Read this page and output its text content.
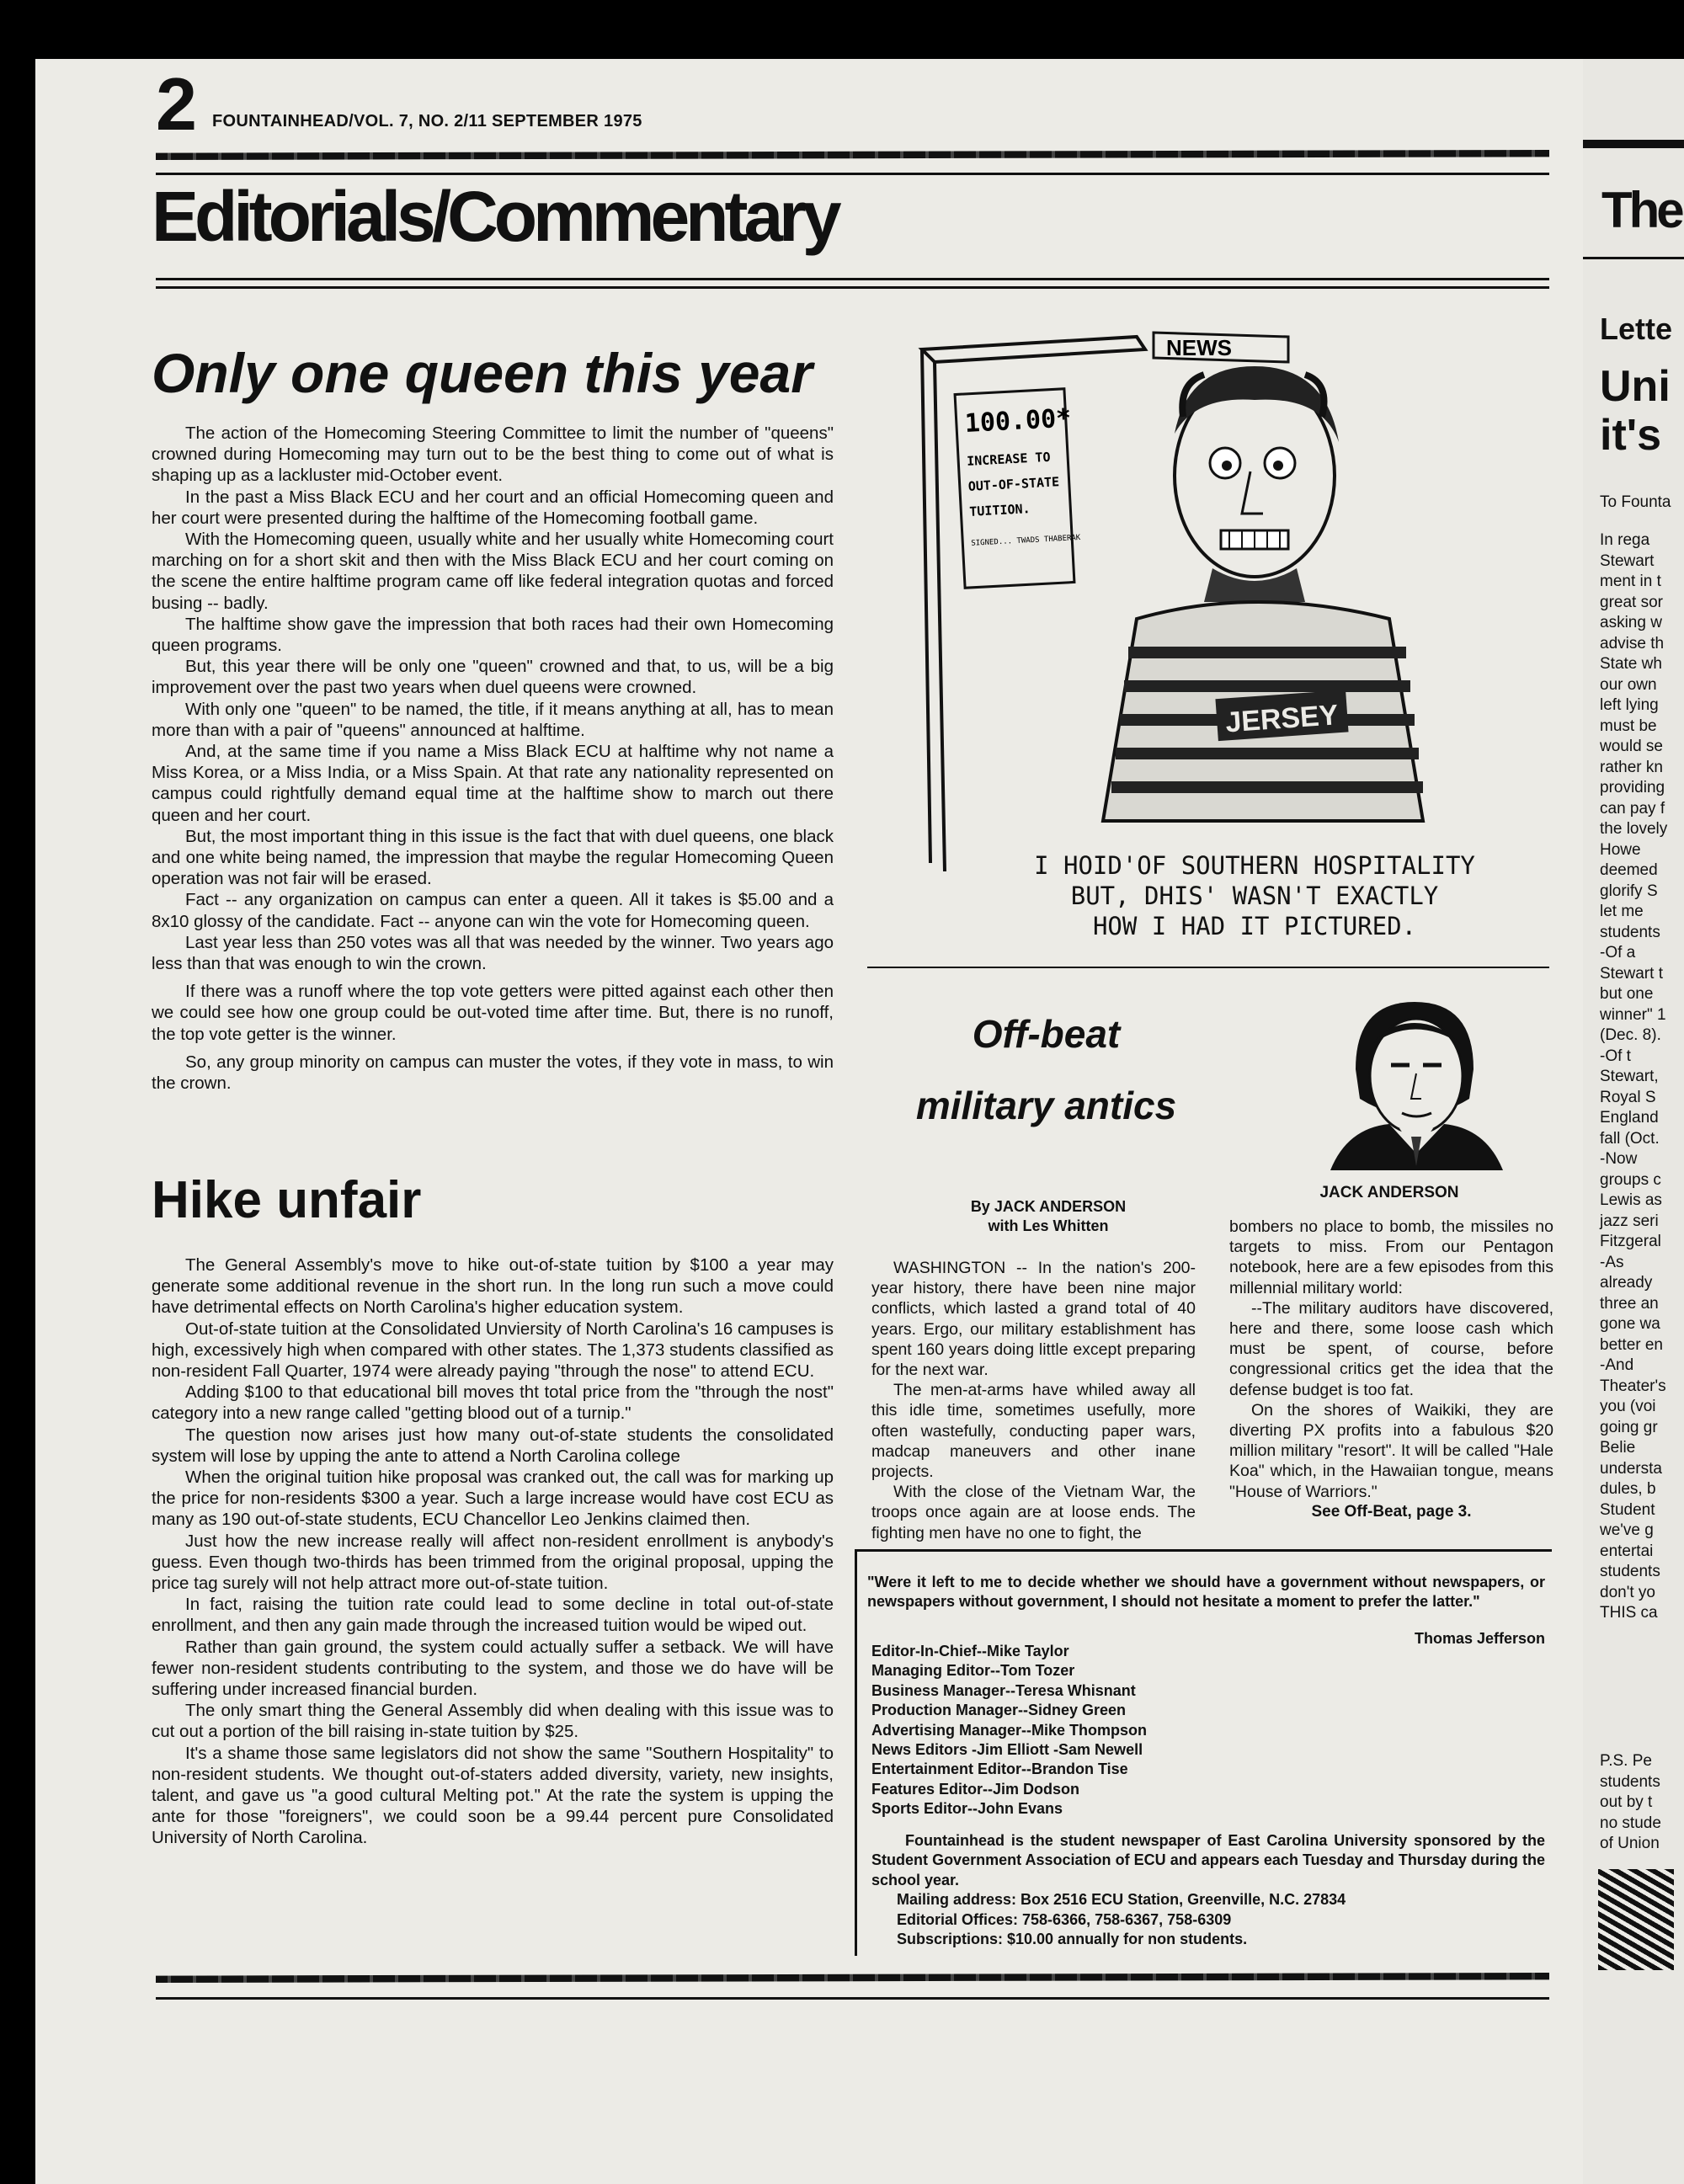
2 FOUNTAINHEAD/VOL. 7, NO. 2/11 SEPTEMBER 1975
Editorials/Commentary
Only one queen this year

The action of the Homecoming Steering Committee to limit the number of "queens" crowned during Homecoming may turn out to be the best thing to come out of what is shaping up as a lackluster mid-October event.

In the past a Miss Black ECU and her court and an official Homecoming queen and her court were presented during the halftime of the Homecoming football game.

With the Homecoming queen, usually white and her usually white Homecoming court marching on for a short skit and then with the Miss Black ECU and her court coming on the scene the entire halftime program came off like federal integration quotas and forced busing -- badly.

The halftime show gave the impression that both races had their own Homecoming queen programs.

But, this year there will be only one "queen" crowned and that, to us, will be a big improvement over the past two years when duel queens were crowned.

With only one "queen" to be named, the title, if it means anything at all, has to mean more than with a pair of "queens" announced at halftime.

And, at the same time if you name a Miss Black ECU at halftime why not name a Miss Korea, or a Miss India, or a Miss Spain. At that rate any nationality represented on campus could rightfully demand equal time at the halftime show to march out there queen and her court.

But, the most important thing in this issue is the fact that with duel queens, one black and one white being named, the impression that maybe the regular Homecoming Queen operation was not fair will be erased.

Fact -- any organization on campus can enter a queen. All it takes is $5.00 and a 8x10 glossy of the candidate. Fact -- anyone can win the vote for Homecoming queen.

Last year less than 250 votes was all that was needed by the winner. Two years ago less than that was enough to win the crown.

If there was a runoff where the top vote getters were pitted against each other then we could see how one group could be out-voted time after time. But, there is no runoff, the top vote getter is the winner.

So, any group minority on campus can muster the votes, if they vote in mass, to win the crown.

Hike unfair

The General Assembly's move to hike out-of-state tuition by $100 a year may generate some additional revenue in the short run. In the long run such a move could have detrimental effects on North Carolina's higher education system.

Out-of-state tuition at the Consolidated Unviersity of North Carolina's 16 campuses is high, excessively high when compared with other states. The 1,373 students classified as non-resident Fall Quarter, 1974 were already paying "through the nose" to attend ECU.

Adding $100 to that educational bill moves tht total price from the "through the nost" category into a new range called "getting blood out of a turnip."

The question now arises just how many out-of-state students the consolidated system will lose by upping the ante to attend a North Carolina college

When the original tuition hike proposal was cranked out, the call was for marking up the price for non-residents $300 a year. Such a large increase would have cost ECU as many as 190 out-of-state students, ECU Chancellor Leo Jenkins claimed then.

Just how the new increase really will affect non-resident enrollment is anybody's guess. Even though two-thirds has been trimmed from the original proposal, upping the price tag surely will not help attract more out-of-state tuition.

In fact, raising the tuition rate could lead to some decline in total out-of-state enrollment, and then any gain made through the increased tuition would be wiped out.

Rather than gain ground, the system could actually suffer a setback. We will have fewer non-resident students contributing to the system, and those we do have will be suffering under increased financial burden.

The only smart thing the General Assembly did when dealing with this issue was to cut out a portion of the bill raising in-state tuition by $25.

It's a shame those same legislators did not show the same "Southern Hospitality" to non-resident students. We thought out-of-staters added diversity, variety, new insights, talent, and gave us "a good cultural Melting pot." At the rate the system is upping the ante for those "foreigners", we could soon be a 99.44 percent pure Consolidated University of North Carolina.

JERSEY
NEWS
100.00*
INCREASE TO
OUT-OF-STATE
TUITION.
SIGNED... TWADS THABERAK
I HOID'OF SOUTHERN HOSPITALITY
BUT, DHIS' WASN'T EXACTLY
HOW I HAD IT PICTURED.
Off-beat
military antics
JACK ANDERSON
By JACK ANDERSON
with Les Whitten

WASHINGTON -- In the nation's 200-year history, there have been nine major conflicts, which lasted a grand total of 40 years. Ergo, our military establishment has spent 160 years doing little except preparing for the next war.

The men-at-arms have whiled away all this idle time, sometimes usefully, more often wastefully, conducting paper wars, madcap maneuvers and other inane projects.

With the close of the Vietnam War, the troops once again are at loose ends. The fighting men have no one to fight, the

bombers no place to bomb, the missiles no targets to miss. From our Pentagon notebook, here are a few episodes from this millennial military world:

--The military auditors have discovered, here and there, some loose cash which must be spent, of course, before congressional critics get the idea that the defense budget is too fat.

On the shores of Waikiki, they are diverting PX profits into a fabulous $20 million military "resort". It will be called "Hale Koa" which, in the Hawaiian tongue, means "House of Warriors."

See Off-Beat, page 3.
"Were it left to me to decide whether we should have a government without newspapers, or newspapers without government, I should not hesitate a moment to prefer the latter."
Thomas Jefferson
Editor-In-Chief--Mike Taylor
Managing Editor--Tom Tozer
Business Manager--Teresa Whisnant
Production Manager--Sidney Green
Advertising Manager--Mike Thompson
News Editors -Jim Elliott -Sam Newell
Entertainment Editor--Brandon Tise
Features Editor--Jim Dodson
Sports Editor--John Evans
Fountainhead is the student newspaper of East Carolina University sponsored by the Student Government Association of ECU and appears each Tuesday and Thursday during the school year.
Mailing address: Box 2516 ECU Station, Greenville, N.C. 27834
Editorial Offices: 758-6366, 758-6367, 758-6309
Subscriptions: $10.00 annually for non students.
The
Lette
Uni
it's
To Founta
In rega
Stewart
ment in t
great sor
asking w
advise th
State wh
our own
left lying
must be
would se
rather kn
providing
can pay f
the lovely
Howe
deemed
glorify S
let me
students
-Of a
Stewart t
but one
winner" 1
(Dec. 8).
-Of t
Stewart,
Royal S
England
fall (Oct.
-Now
groups c
Lewis as
jazz seri
Fitzgeral
-As
already
three an
gone wa
better en
-And
Theater's
you (voi
going gr
Belie
understa
dules, b
Student
we've g
entertai
students
don't yo
THIS ca
P.S. Pe
students
out by t
no stude
of Union
